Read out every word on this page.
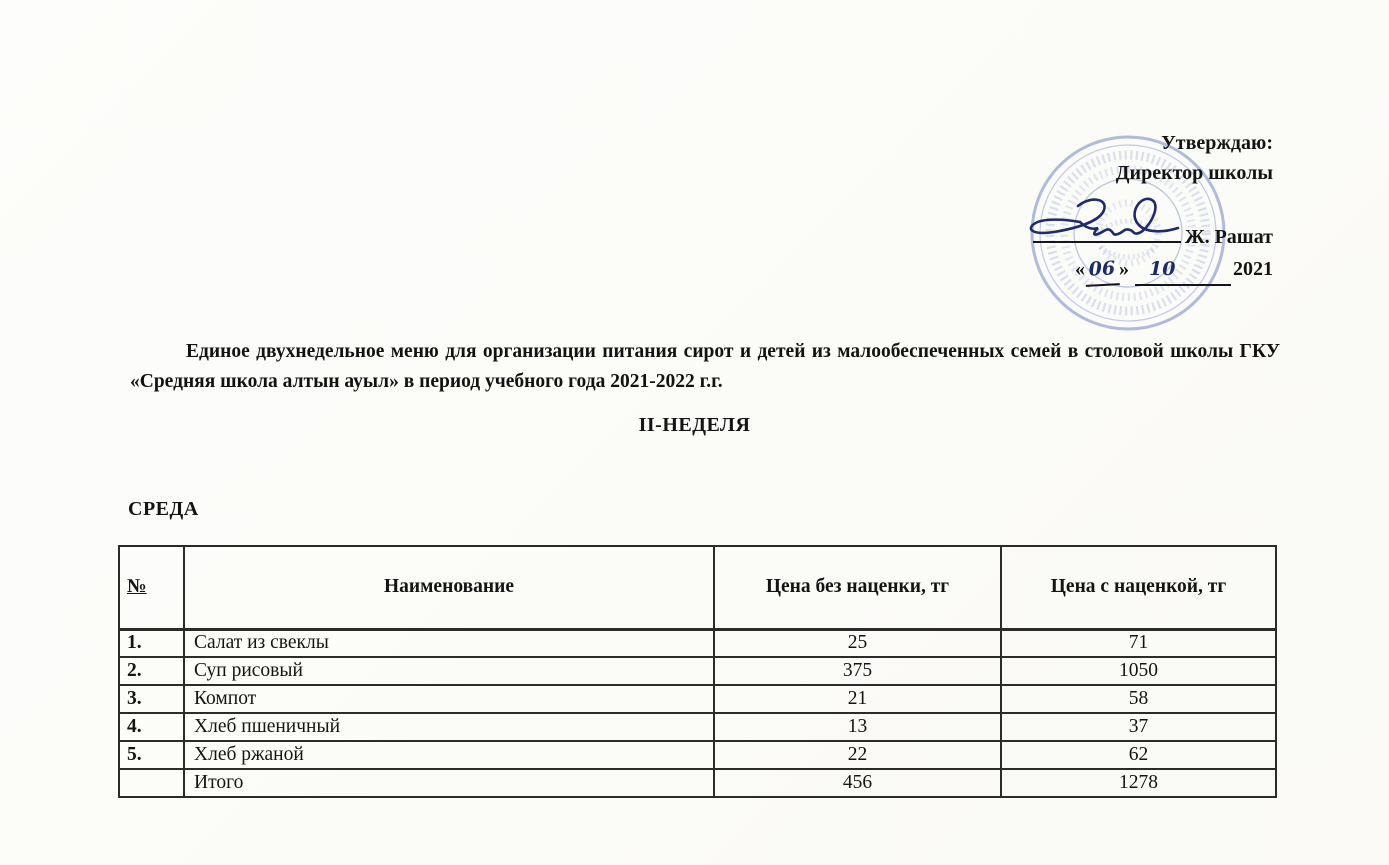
Утверждаю:
Директор школы
Ж. Рашат
« 06 » 10	2021

Единое двухнедельное меню для организации питания сирот и детей из малообеспеченных семей в столовой школы ГКУ «Средняя школа алтын ауыл» в период учебного года 2021-2022 г.г.

II-НЕДЕЛЯ
СРЕДА
№	Наименование	Цена без наценки, тг	Цена с наценкой, тг
1.	Салат из свеклы	25	71
2.	Суп рисовый	375	1050
3.	Компот	21	58
4.	Хлеб пшеничный	13	37
5.	Хлеб ржаной	22	62
	Итого	456	1278
